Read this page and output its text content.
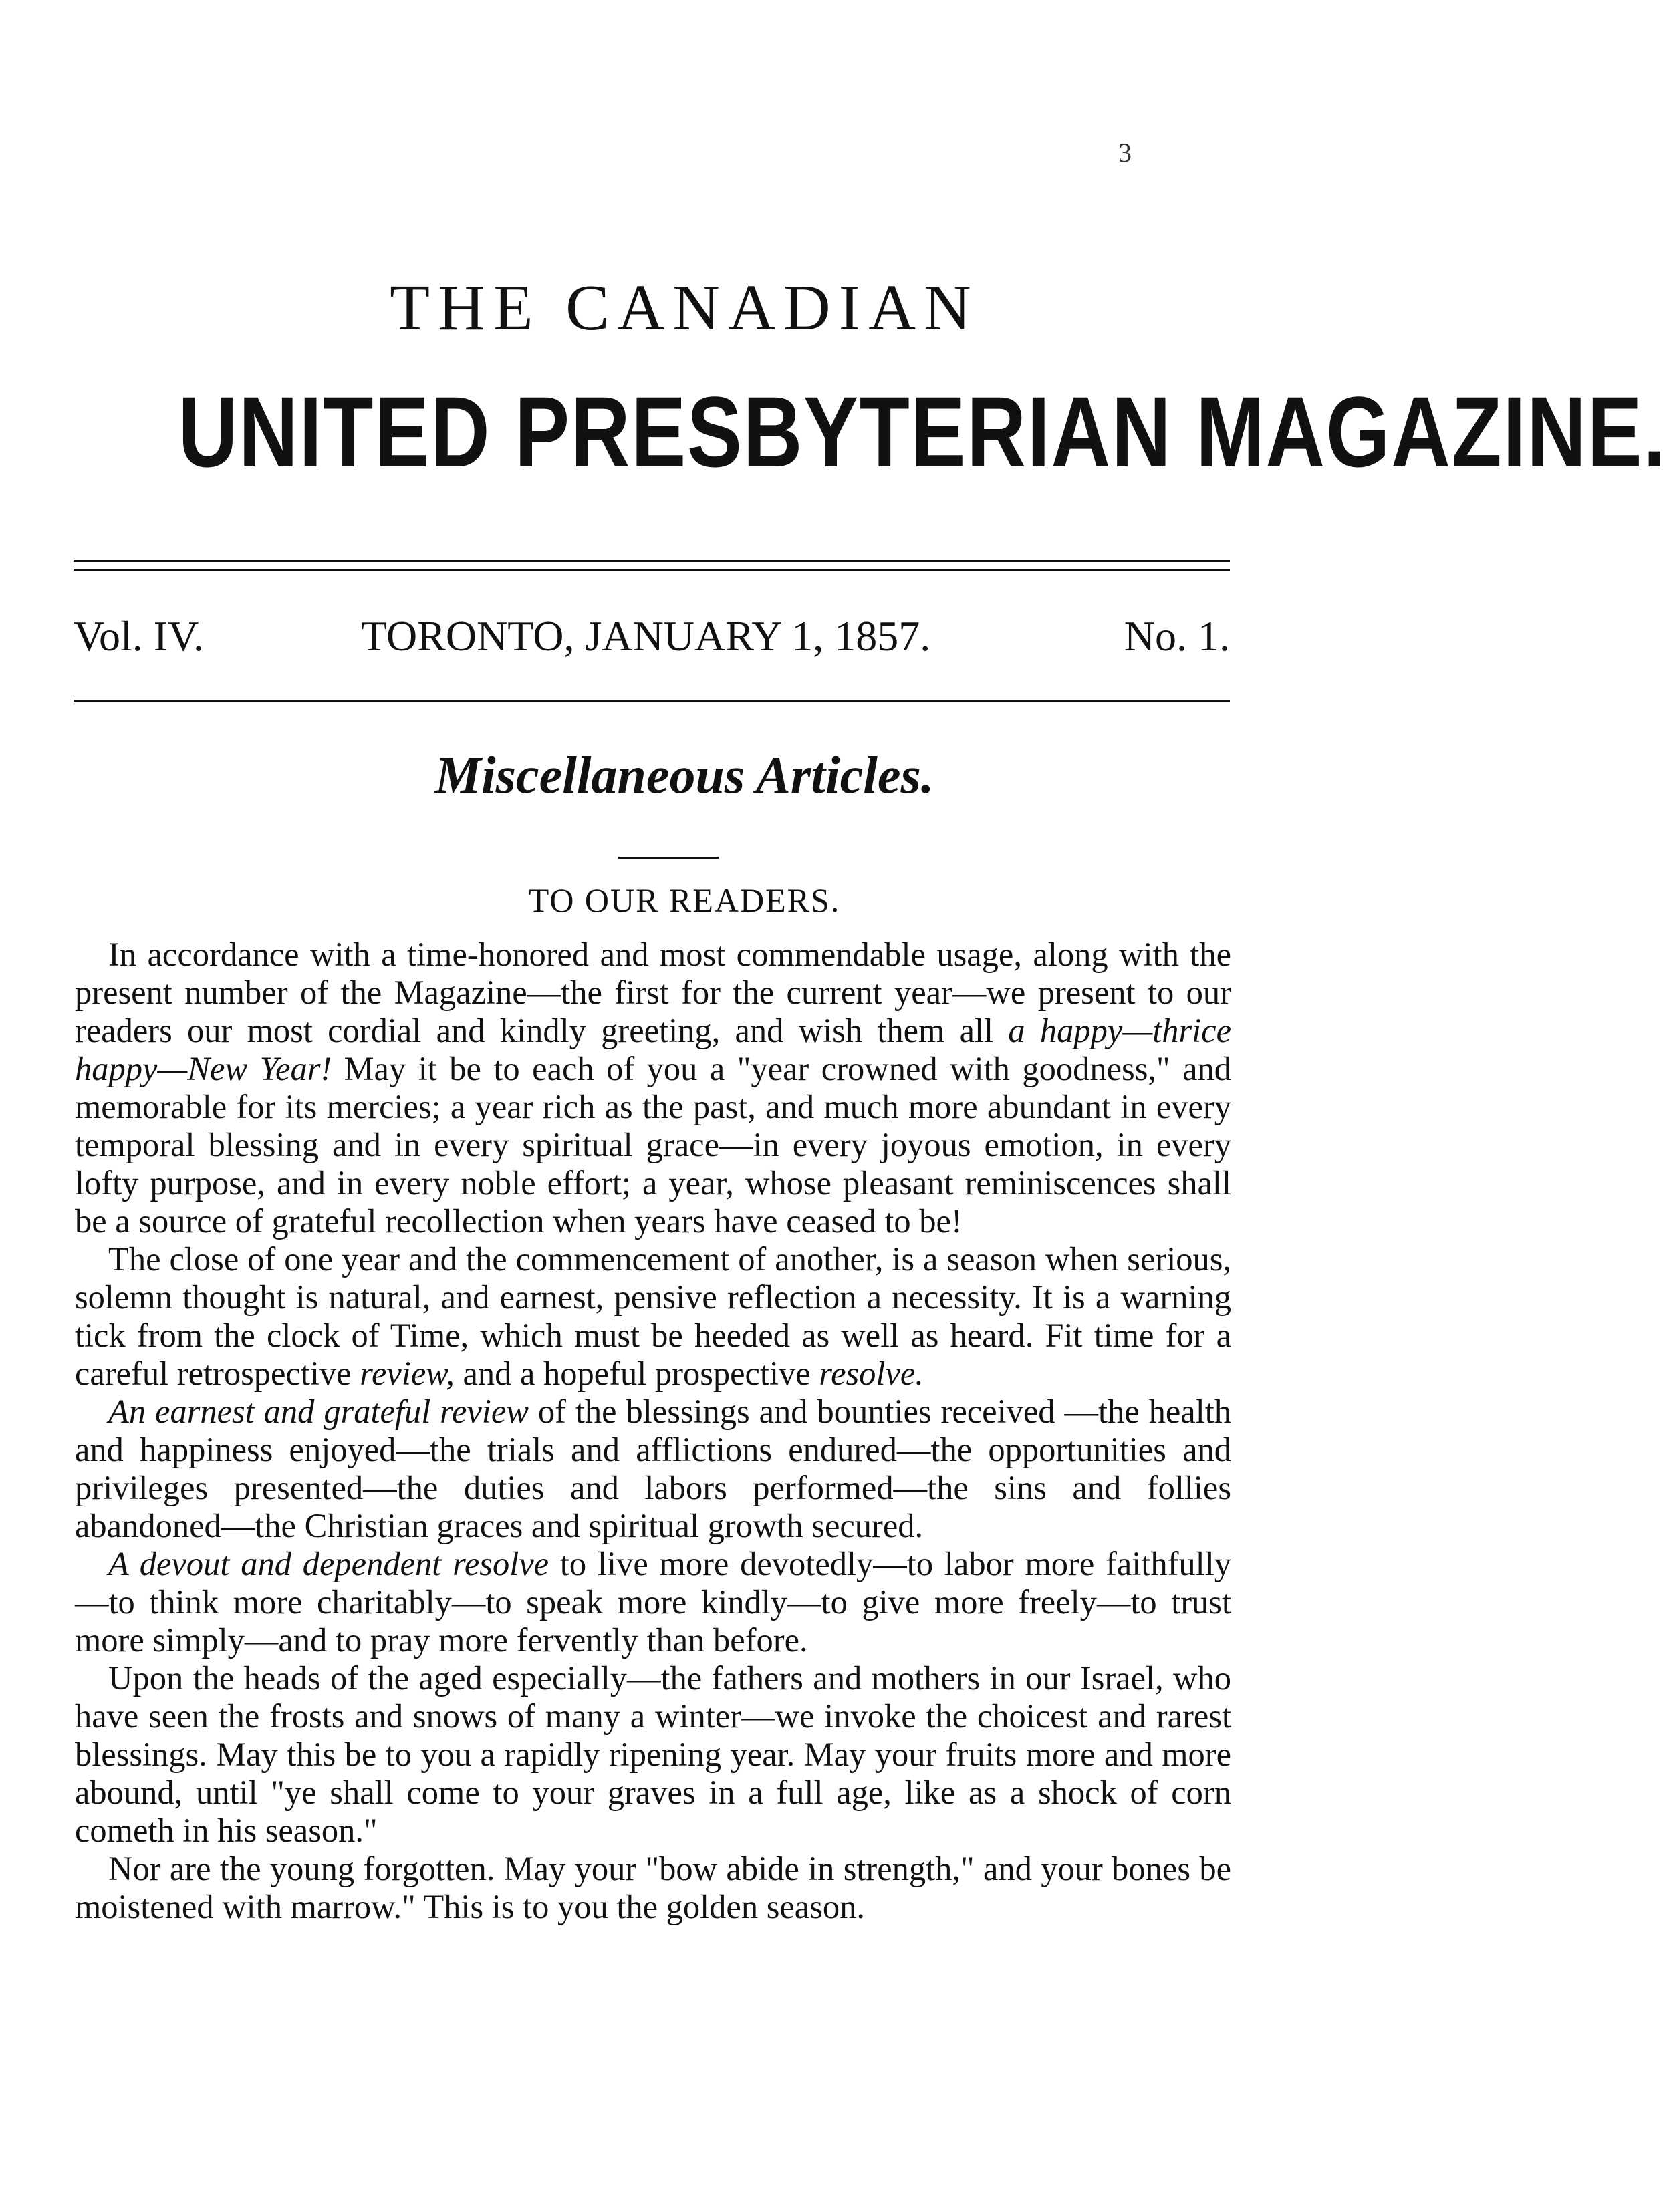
3
THE CANADIAN
UNITED PRESBYTERIAN MAGAZINE.
Vol. IV.	TORONTO, JANUARY 1, 1857.	No. 1.
Miscellaneous Articles.
TO OUR READERS.

In accordance with a time-honored and most commendable usage, along with the present number of the Magazine—the first for the current year—we present to our readers our most cordial and kindly greeting, and wish them all a happy—thrice happy—New Year! May it be to each of you a "year crowned with goodness," and memorable for its mercies; a year rich as the past, and much more abundant in every temporal blessing and in every spiritual grace—in every joyous emotion, in every lofty purpose, and in every noble effort; a year, whose pleasant reminiscences shall be a source of grateful recollection when years have ceased to be!

The close of one year and the commencement of another, is a season when serious, solemn thought is natural, and earnest, pensive reflection a necessity. It is a warning tick from the clock of Time, which must be heeded as well as heard. Fit time for a careful retrospective review, and a hopeful prospective resolve.

An earnest and grateful review of the blessings and bounties received —the health and happiness enjoyed—the trials and afflictions endured—the opportunities and privileges presented—the duties and labors performed—the sins and follies abandoned—the Christian graces and spiritual growth secured.

A devout and dependent resolve to live more devotedly—to labor more faithfully—to think more charitably—to speak more kindly—to give more freely—to trust more simply—and to pray more fervently than before.

Upon the heads of the aged especially—the fathers and mothers in our Israel, who have seen the frosts and snows of many a winter—we invoke the choicest and rarest blessings. May this be to you a rapidly ripening year. May your fruits more and more abound, until "ye shall come to your graves in a full age, like as a shock of corn cometh in his season."

Nor are the young forgotten. May your "bow abide in strength," and your bones be moistened with marrow." This is to you the golden season.
